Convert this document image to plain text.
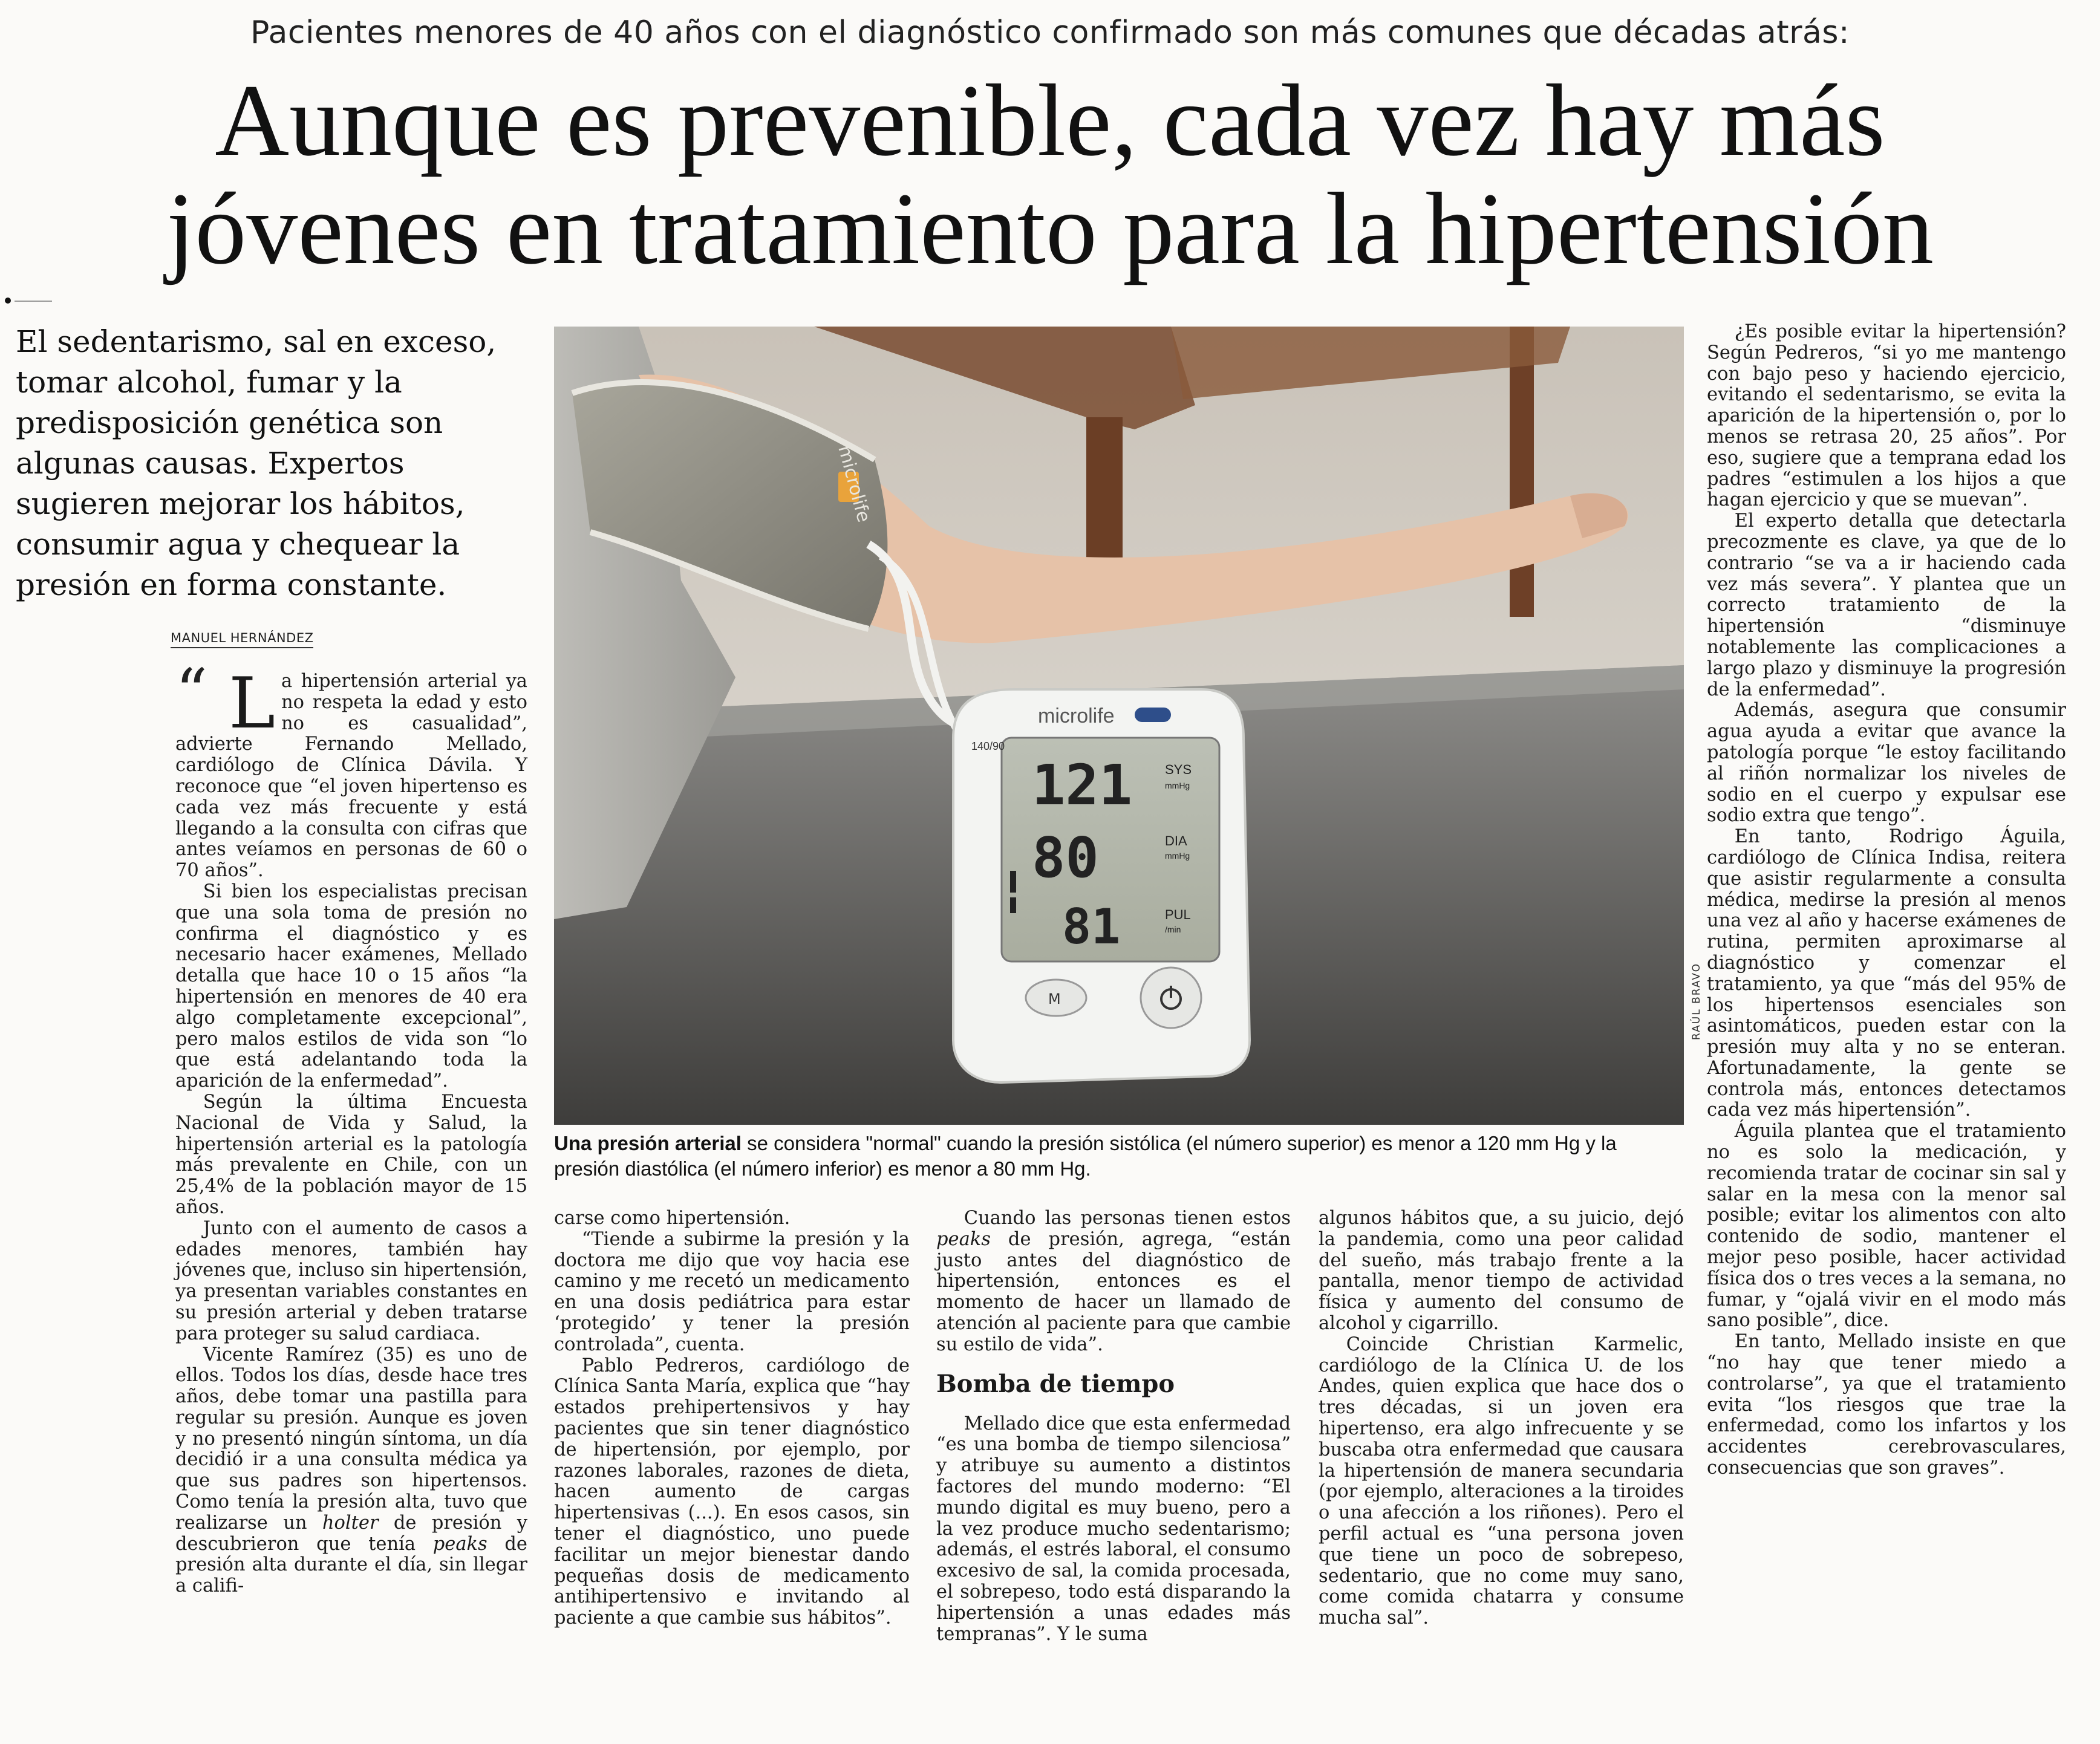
Pacientes menores de 40 años con el diagnóstico confirmado son más comunes que décadas atrás:
Aunque es prevenible, cada vez hay más
jóvenes en tratamiento para la hipertensión
El sedentarismo, sal en exceso, tomar alcohol, fumar y la predisposición genética son algunas causas. Expertos sugieren mejorar los hábitos, consumir agua y chequear la presión en forma constante.
MANUEL HERNÁNDEZ

“ L a hipertensión arterial ya no respeta la edad y esto no es casualidad”, advierte Fernando Mellado, cardiólogo de Clínica Dávila. Y reconoce que “el joven hipertenso es cada vez más frecuente y está llegando a la consulta con cifras que antes veíamos en personas de 60 o 70 años”.

Si bien los especialistas precisan que una sola toma de presión no confirma el diagnóstico y es necesario hacer exámenes, Mellado detalla que hace 10 o 15 años “la hipertensión en menores de 40 era algo completamente excepcional”, pero malos estilos de vida son “lo que está adelantando toda la aparición de la enfermedad”.

Según la última Encuesta Nacional de Vida y Salud, la hipertensión arterial es la patología más prevalente en Chile, con un 25,4% de la población mayor de 15 años.

Junto con el aumento de casos a edades menores, también hay jóvenes que, incluso sin hipertensión, ya presentan variables constantes en su presión arterial y deben tratarse para proteger su salud cardiaca.

Vicente Ramírez (35) es uno de ellos. Todos los días, desde hace tres años, debe tomar una pastilla para regular su presión. Aunque es joven y no presentó ningún síntoma, un día decidió ir a una consulta médica ya que sus padres son hipertensos. Como tenía la presión alta, tuvo que realizarse un holter de presión y descubrieron que tenía peaks de presión alta durante el día, sin llegar a califi-

microlife
microlife
140/90
121
80
81
SYS
mmHg
DIA
mmHg
PUL
/min
M	RAÚL BRAVO
Una presión arterial se considera "normal" cuando la presión sistólica (el número superior) es menor a 120 mm Hg y la presión diastólica (el número inferior) es menor a 80 mm Hg.

carse como hipertensión.

“Tiende a subirme la presión y la doctora me dijo que voy hacia ese camino y me recetó un medicamento en una dosis pediátrica para estar ‘protegido’ y tener la presión controlada”, cuenta.

Pablo Pedreros, cardiólogo de Clínica Santa María, explica que “hay estados prehipertensivos y hay pacientes que sin tener diagnóstico de hipertensión, por ejemplo, por razones laborales, razones de dieta, hacen aumento de cargas hipertensivas (...). En esos casos, sin tener el diagnóstico, uno puede facilitar un mejor bienestar dando pequeñas dosis de medicamento antihipertensivo e invitando al paciente a que cambie sus hábitos”.

Cuando las personas tienen estos peaks de presión, agrega, “están justo antes del diagnóstico de hipertensión, entonces es el momento de hacer un llamado de atención al paciente para que cambie su estilo de vida”.

Bomba de tiempo

Mellado dice que esta enfermedad “es una bomba de tiempo silenciosa” y atribuye su aumento a distintos factores del mundo moderno: “El mundo digital es muy bueno, pero a la vez produce mucho sedentarismo; además, el estrés laboral, el consumo excesivo de sal, la comida procesada, el sobrepeso, todo está disparando la hipertensión a unas edades más tempranas”. Y le suma

algunos hábitos que, a su juicio, dejó la pandemia, como una peor calidad del sueño, más trabajo frente a la pantalla, menor tiempo de actividad física y aumento del consumo de alcohol y cigarrillo.

Coincide Christian Karmelic, cardiólogo de la Clínica U. de los Andes, quien explica que hace dos o tres décadas, si un joven era hipertenso, era algo infrecuente y se buscaba otra enfermedad que causara la hipertensión de manera secundaria (por ejemplo, alteraciones a la tiroides o una afección a los riñones). Pero el perfil actual es “una persona joven que tiene un poco de sobrepeso, sedentario, que no come muy sano, come comida chatarra y consume mucha sal”.

¿Es posible evitar la hipertensión? Según Pedreros, “si yo me mantengo con bajo peso y haciendo ejercicio, evitando el sedentarismo, se evita la aparición de la hipertensión o, por lo menos se retrasa 20, 25 años”. Por eso, sugiere que a temprana edad los padres “estimulen a los hijos a que hagan ejercicio y que se muevan”.

El experto detalla que detectarla precozmente es clave, ya que de lo contrario “se va a ir haciendo cada vez más severa”. Y plantea que un correcto tratamiento de la hipertensión “disminuye notablemente las complicaciones a largo plazo y disminuye la progresión de la enfermedad”.

Además, asegura que consumir agua ayuda a evitar que avance la patología porque “le estoy facilitando al riñón normalizar los niveles de sodio en el cuerpo y expulsar ese sodio extra que tengo”.

En tanto, Rodrigo Águila, cardiólogo de Clínica Indisa, reitera que asistir regularmente a consulta médica, medirse la presión al menos una vez al año y hacerse exámenes de rutina, permiten aproximarse al diagnóstico y comenzar el tratamiento, ya que “más del 95% de los hipertensos esenciales son asintomáticos, pueden estar con la presión muy alta y no se enteran. Afortunadamente, la gente se controla más, entonces detectamos cada vez más hipertensión”.

Águila plantea que el tratamiento no es solo la medicación, y recomienda tratar de cocinar sin sal y salar en la mesa con la menor sal posible; evitar los alimentos con alto contenido de sodio, mantener el mejor peso posible, hacer actividad física dos o tres veces a la semana, no fumar, y “ojalá vivir en el modo más sano posible”, dice.

En tanto, Mellado insiste en que “no hay que tener miedo a controlarse”, ya que el tratamiento evita “los riesgos que trae la enfermedad, como los infartos y los accidentes cerebrovasculares, consecuencias que son graves”.
